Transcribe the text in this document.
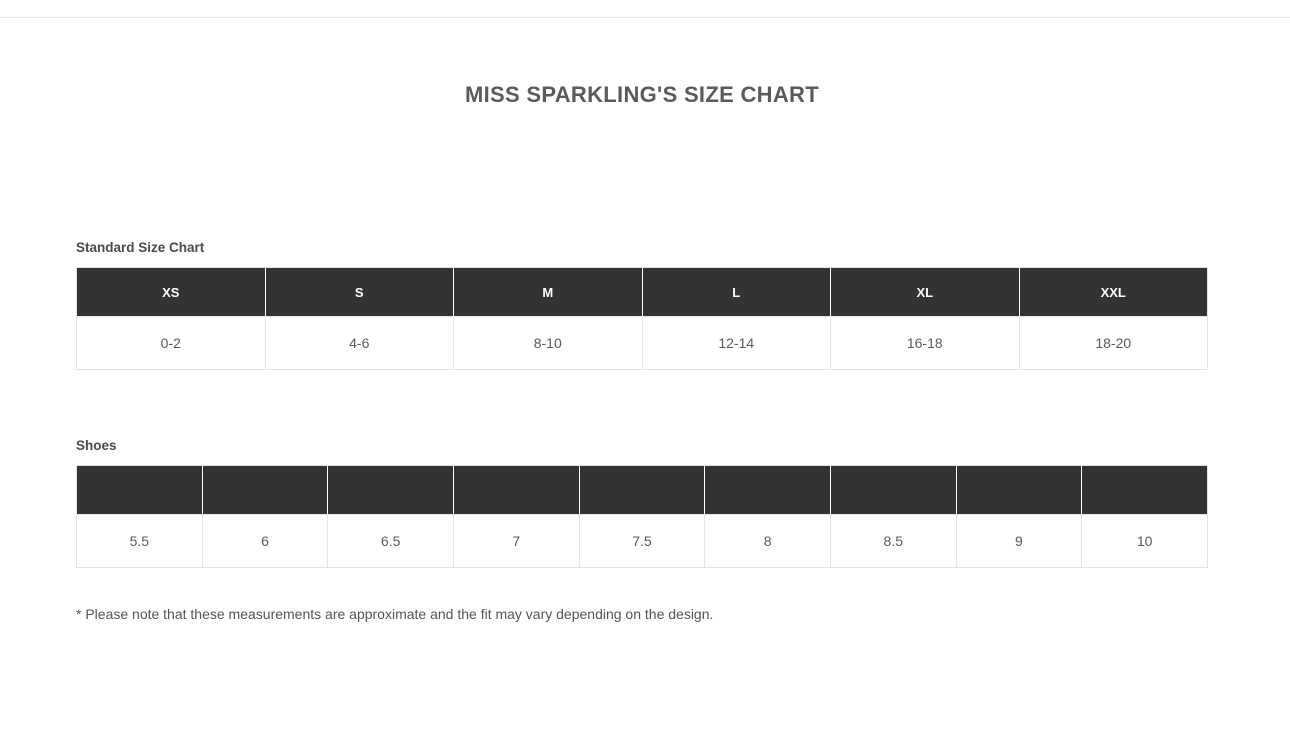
MISS SPARKLING'S SIZE CHART
Standard Size Chart
XS	S	M	L	XL	XXL
0-2	4-6	8-10	12-14	16-18	18-20
Shoes

5.5	6	6.5	7	7.5	8	8.5	9	10
* Please note that these measurements are approximate and the fit may vary depending on the design.
